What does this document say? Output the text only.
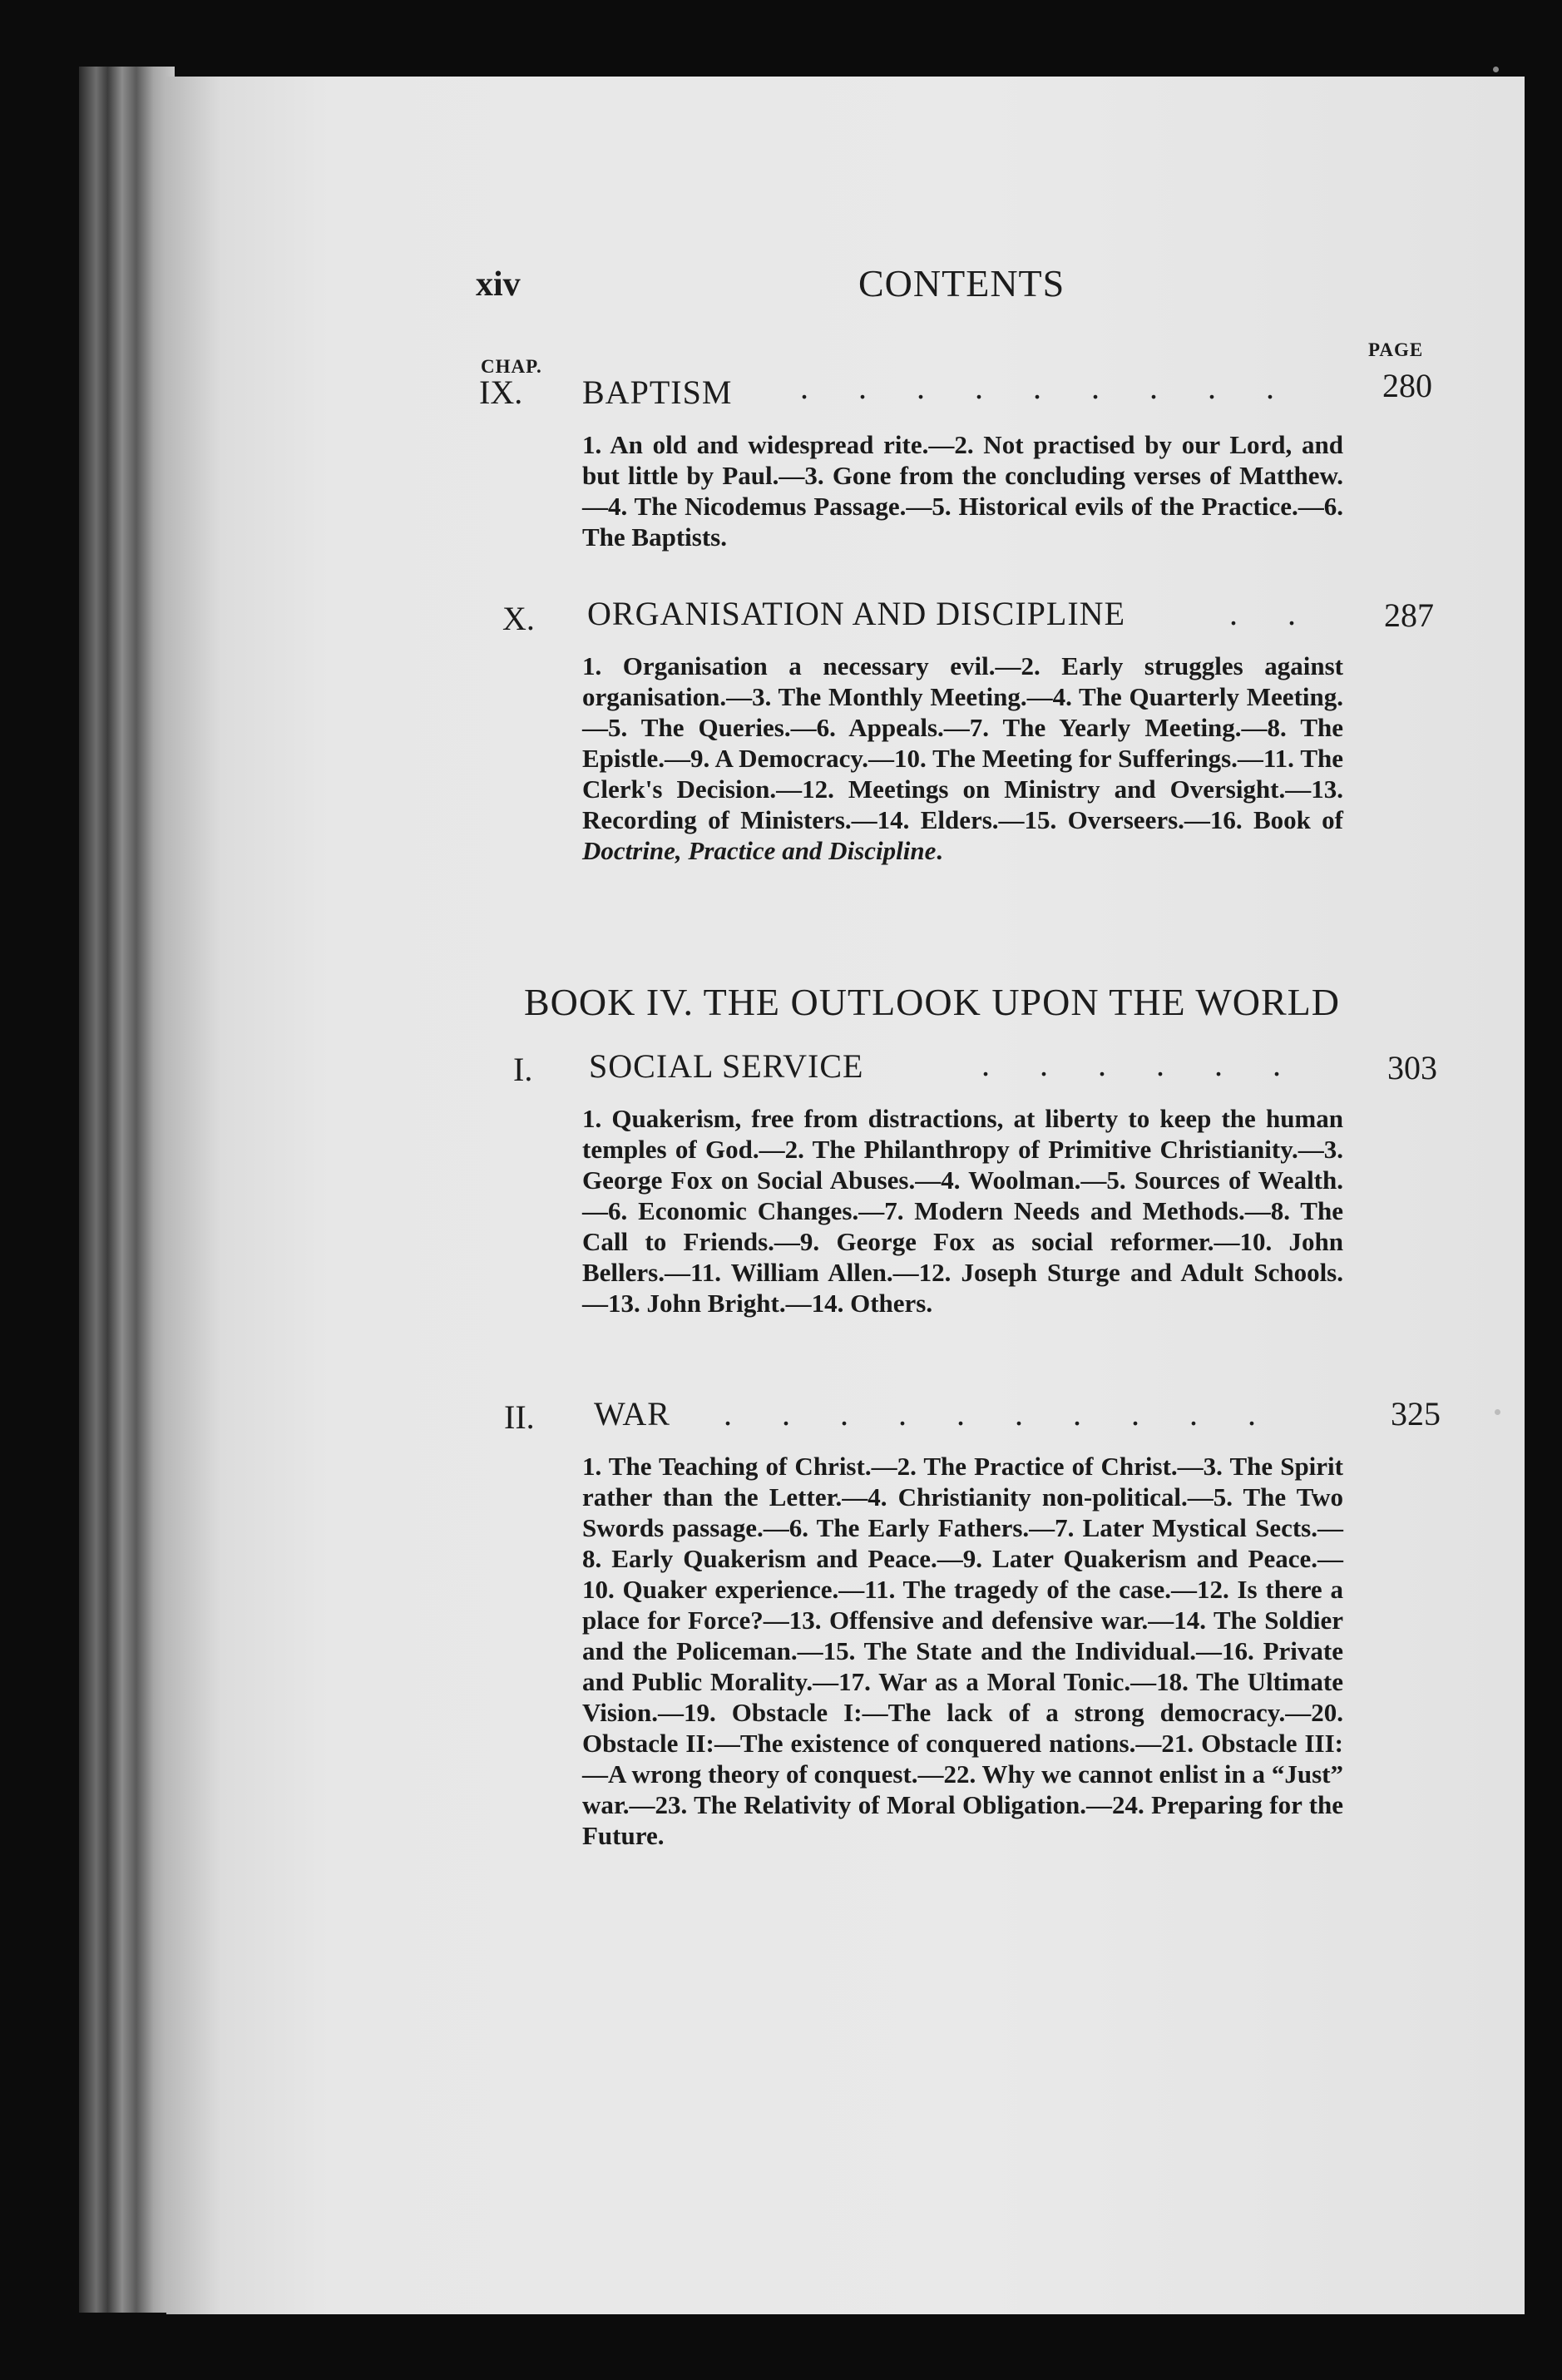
xiv	CONTENTS
CHAP.
PAGE
IX. BAPTISM . . . . . . . . .	280
1. An old and widespread rite.—2. Not practised by our Lord, and but little by Paul.—3. Gone from the concluding verses of Matthew.—4. The Nicodemus Passage.—5. Historical evils of the Practice.—6. The Baptists.
X. ORGANISATION AND DISCIPLINE	. . 287
1. Organisation a necessary evil.—2. Early struggles against organisation.—3. The Monthly Meeting.—4. The Quarterly Meeting.—5. The Queries.—6. Appeals.—7. The Yearly Meeting.—8. The Epistle.—9. A Democracy.—10. The Meeting for Sufferings.—11. The Clerk's Decision.—12. Meetings on Ministry and Oversight.—13. Recording of Ministers.—14. Elders.—15. Overseers.—16. Book of Doctrine, Practice and Discipline.
BOOK IV. THE OUTLOOK UPON THE WORLD
I. SOCIAL SERVICE	. . . . . .	303
1. Quakerism, free from distractions, at liberty to keep the human temples of God.—2. The Philanthropy of Primitive Christianity.—3. George Fox on Social Abuses.—4. Woolman.—5. Sources of Wealth.—6. Economic Changes.—7. Modern Needs and Methods.—8. The Call to Friends.—9. George Fox as social reformer.—10. John Bellers.—11. William Allen.—12. Joseph Sturge and Adult Schools.—13. John Bright.—14. Others.
II. WAR . . . . . . . . . .	325
1. The Teaching of Christ.—2. The Practice of Christ.—3. The Spirit rather than the Letter.—4. Christianity non-political.—5. The Two Swords passage.—6. The Early Fathers.—7. Later Mystical Sects.—8. Early Quakerism and Peace.—9. Later Quakerism and Peace.—10. Quaker experience.—11. The tragedy of the case.—12. Is there a place for Force?—13. Offensive and defensive war.—14. The Soldier and the Policeman.—15. The State and the Individual.—16. Private and Public Morality.—17. War as a Moral Tonic.—18. The Ultimate Vision.—19. Obstacle I:—The lack of a strong democracy.—20. Obstacle II:—The existence of conquered nations.—21. Obstacle III:—A wrong theory of conquest.—22. Why we cannot enlist in a “Just” war.—23. The Relativity of Moral Obligation.—24. Preparing for the Future.
